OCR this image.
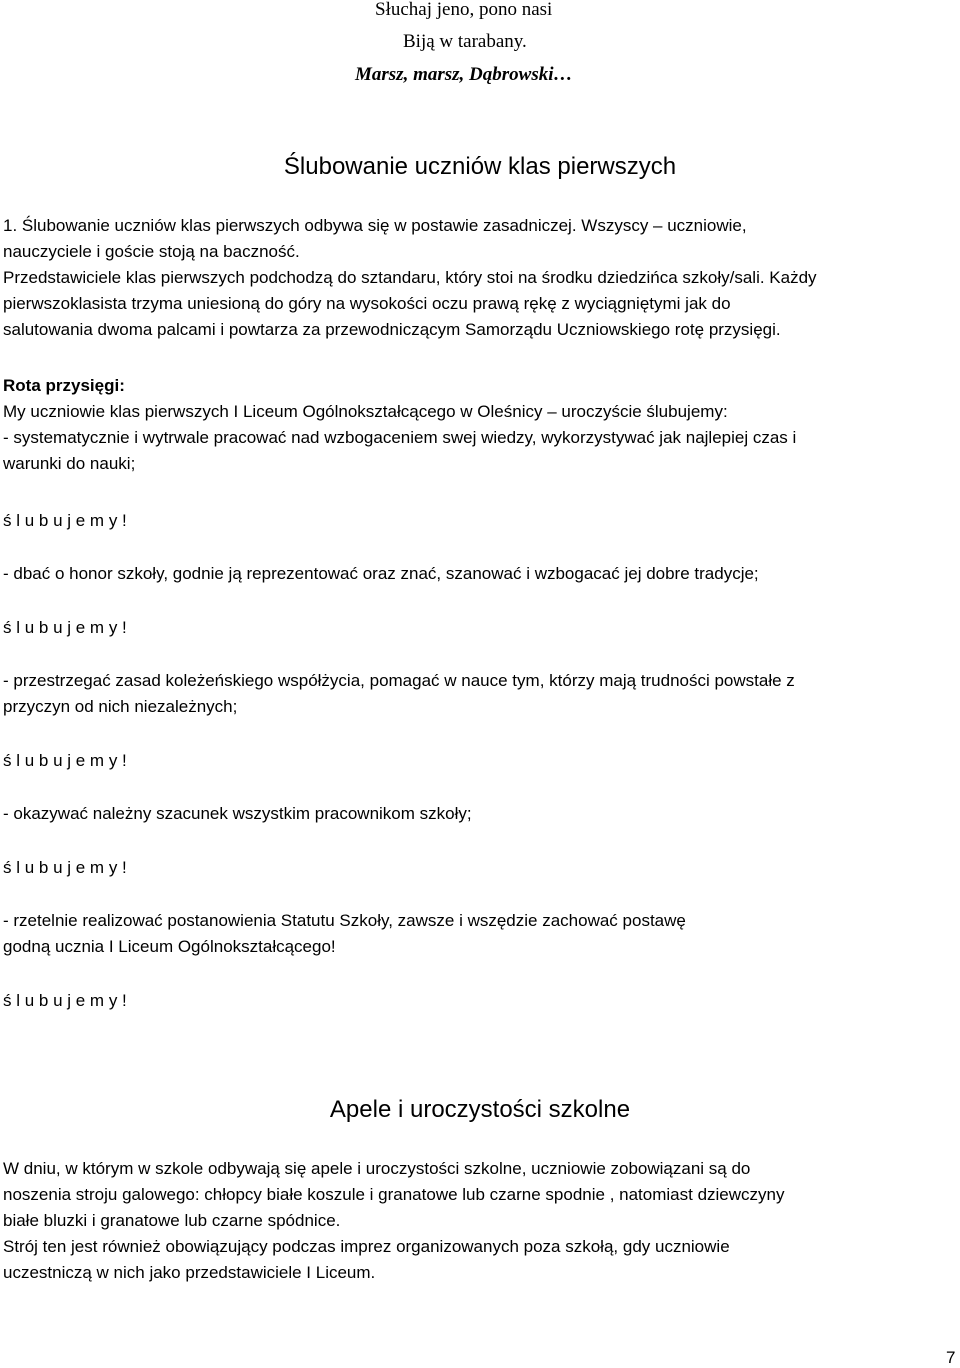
Słuchaj jeno, pono nasi
Biją w tarabany.
Marsz, marsz, Dąbrowski…
Ślubowanie uczniów klas pierwszych
1. Ślubowanie uczniów klas pierwszych odbywa się w postawie zasadniczej. Wszyscy – uczniowie,
nauczyciele i goście stoją na baczność.
Przedstawiciele klas pierwszych podchodzą do sztandaru, który stoi na środku dziedzińca szkoły/sali. Każdy
pierwszoklasista trzyma uniesioną do góry na wysokości oczu prawą rękę z wyciągniętymi jak do
salutowania dwoma palcami i powtarza za przewodniczącym Samorządu Uczniowskiego rotę przysięgi.
Rota przysięgi:
My uczniowie klas pierwszych I Liceum Ogólnokształcącego w Oleśnicy – uroczyście ślubujemy:
- systematycznie i wytrwale pracować nad wzbogaceniem swej wiedzy, wykorzystywać jak najlepiej czas i
warunki do nauki;
ś l u b u j e m y !
- dbać o honor szkoły, godnie ją reprezentować oraz znać, szanować i wzbogacać jej dobre tradycje;
ś l u b u j e m y !
- przestrzegać zasad koleżeńskiego współżycia, pomagać w nauce tym, którzy mają trudności powstałe z
przyczyn od nich niezależnych;
ś l u b u j e m y !
- okazywać należny szacunek wszystkim pracownikom szkoły;
ś l u b u j e m y !
- rzetelnie realizować postanowienia Statutu Szkoły, zawsze i wszędzie zachować postawę
godną ucznia I Liceum Ogólnokształcącego!
ś l u b u j e m y !
Apele i uroczystości szkolne
W dniu, w którym w szkole odbywają się apele i uroczystości szkolne, uczniowie zobowiązani są do
noszenia stroju galowego: chłopcy białe koszule i granatowe lub czarne spodnie , natomiast dziewczyny
białe bluzki i granatowe lub czarne spódnice.
Strój ten jest również obowiązujący podczas imprez organizowanych poza szkołą, gdy uczniowie
uczestniczą w nich jako przedstawiciele I Liceum.
7
